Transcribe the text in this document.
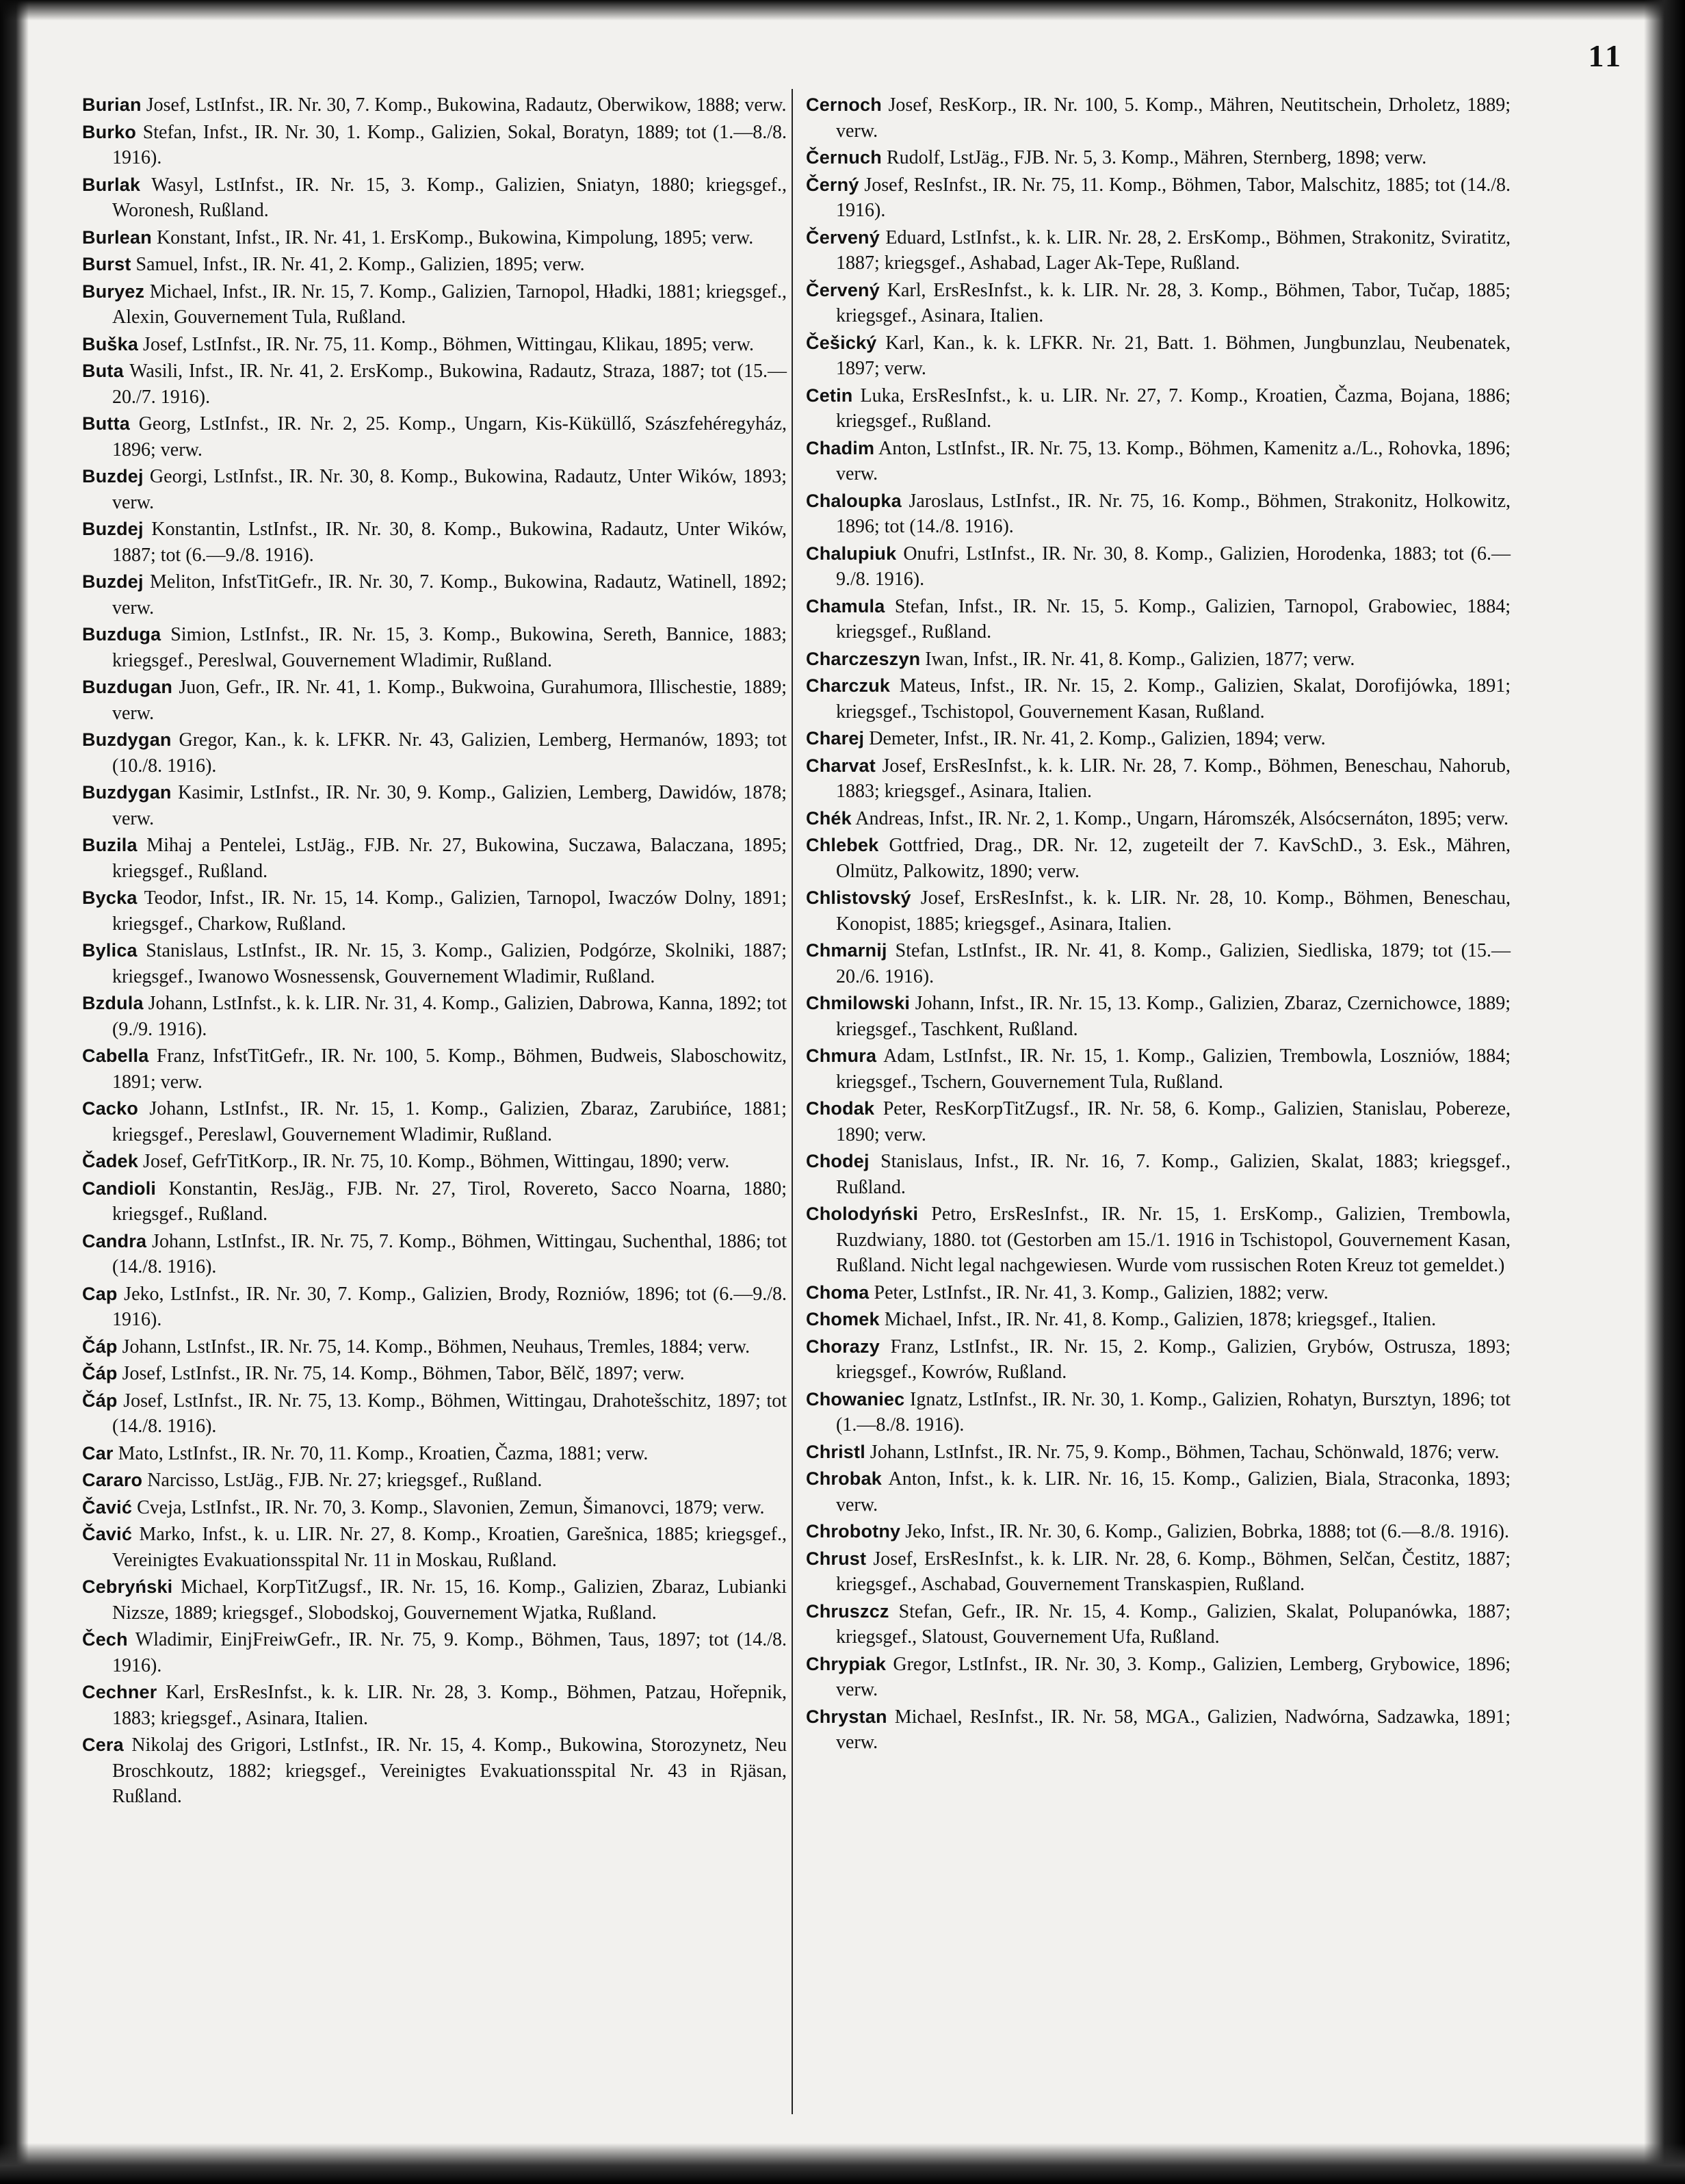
11

Burian Josef, LstInfst., IR. Nr. 30, 7. Komp., Bukowina, Radautz, Oberwikow, 1888; verw.

Burko Stefan, Infst., IR. Nr. 30, 1. Komp., Galizien, Sokal, Boratyn, 1889; tot (1.—8./8. 1916).

Burlak Wasyl, LstInfst., IR. Nr. 15, 3. Komp., Galizien, Sniatyn, 1880; kriegsgef., Woronesh, Rußland.

Burlean Konstant, Infst., IR. Nr. 41, 1. ErsKomp., Bukowina, Kimpolung, 1895; verw.

Burst Samuel, Infst., IR. Nr. 41, 2. Komp., Galizien, 1895; verw.

Buryez Michael, Infst., IR. Nr. 15, 7. Komp., Galizien, Tarnopol, Hładki, 1881; kriegsgef., Alexin, Gouvernement Tula, Rußland.

Buška Josef, LstInfst., IR. Nr. 75, 11. Komp., Böhmen, Wittingau, Klikau, 1895; verw.

Buta Wasili, Infst., IR. Nr. 41, 2. ErsKomp., Bukowina, Radautz, Straza, 1887; tot (15.—20./7. 1916).

Butta Georg, LstInfst., IR. Nr. 2, 25. Komp., Ungarn, Kis-Küküllő, Szászfehéregyház, 1896; verw.

Buzdej Georgi, LstInfst., IR. Nr. 30, 8. Komp., Bukowina, Radautz, Unter Wików, 1893; verw.

Buzdej Konstantin, LstInfst., IR. Nr. 30, 8. Komp., Bukowina, Radautz, Unter Wików, 1887; tot (6.—9./8. 1916).

Buzdej Meliton, InfstTitGefr., IR. Nr. 30, 7. Komp., Bukowina, Radautz, Watinell, 1892; verw.

Buzduga Simion, LstInfst., IR. Nr. 15, 3. Komp., Bukowina, Sereth, Bannice, 1883; kriegsgef., Pereslwal, Gouvernement Wladimir, Rußland.

Buzdugan Juon, Gefr., IR. Nr. 41, 1. Komp., Bukwoina, Gurahumora, Illischestie, 1889; verw.

Buzdygan Gregor, Kan., k. k. LFKR. Nr. 43, Galizien, Lemberg, Hermanów, 1893; tot (10./8. 1916).

Buzdygan Kasimir, LstInfst., IR. Nr. 30, 9. Komp., Galizien, Lemberg, Dawidów, 1878; verw.

Buzila Mihaj a Pentelei, LstJäg., FJB. Nr. 27, Bukowina, Suczawa, Balaczana, 1895; kriegsgef., Rußland.

Bycka Teodor, Infst., IR. Nr. 15, 14. Komp., Galizien, Tarnopol, Iwaczów Dolny, 1891; kriegsgef., Charkow, Rußland.

Bylica Stanislaus, LstInfst., IR. Nr. 15, 3. Komp., Galizien, Podgórze, Skolniki, 1887; kriegsgef., Iwanowo Wosnessensk, Gouvernement Wladimir, Rußland.

Bzdula Johann, LstInfst., k. k. LIR. Nr. 31, 4. Komp., Galizien, Dabrowa, Kanna, 1892; tot (9./9. 1916).

Cabella Franz, InfstTitGefr., IR. Nr. 100, 5. Komp., Böhmen, Budweis, Slaboschowitz, 1891; verw.

Cacko Johann, LstInfst., IR. Nr. 15, 1. Komp., Galizien, Zbaraz, Zarubińce, 1881; kriegsgef., Pereslawl, Gouvernement Wladimir, Rußland.

Čadek Josef, GefrTitKorp., IR. Nr. 75, 10. Komp., Böhmen, Wittingau, 1890; verw.

Candioli Konstantin, ResJäg., FJB. Nr. 27, Tirol, Rovereto, Sacco Noarna, 1880; kriegsgef., Rußland.

Candra Johann, LstInfst., IR. Nr. 75, 7. Komp., Böhmen, Wittingau, Suchenthal, 1886; tot (14./8. 1916).

Cap Jeko, LstInfst., IR. Nr. 30, 7. Komp., Galizien, Brody, Rozniów, 1896; tot (6.—9./8. 1916).

Čáp Johann, LstInfst., IR. Nr. 75, 14. Komp., Böhmen, Neuhaus, Tremles, 1884; verw.

Čáp Josef, LstInfst., IR. Nr. 75, 14. Komp., Böhmen, Tabor, Bělč, 1897; verw.

Čáp Josef, LstInfst., IR. Nr. 75, 13. Komp., Böhmen, Wittingau, Drahotešschitz, 1897; tot (14./8. 1916).

Car Mato, LstInfst., IR. Nr. 70, 11. Komp., Kroatien, Čazma, 1881; verw.

Cararo Narcisso, LstJäg., FJB. Nr. 27; kriegsgef., Rußland.

Čavić Cveja, LstInfst., IR. Nr. 70, 3. Komp., Slavonien, Zemun, Šimanovci, 1879; verw.

Čavić Marko, Infst., k. u. LIR. Nr. 27, 8. Komp., Kroatien, Garešnica, 1885; kriegsgef., Vereinigtes Evakuationsspital Nr. 11 in Moskau, Rußland.

Cebryński Michael, KorpTitZugsf., IR. Nr. 15, 16. Komp., Galizien, Zbaraz, Lubianki Nizsze, 1889; kriegsgef., Slobodskoj, Gouvernement Wjatka, Rußland.

Čech Wladimir, EinjFreiwGefr., IR. Nr. 75, 9. Komp., Böhmen, Taus, 1897; tot (14./8. 1916).

Cechner Karl, ErsResInfst., k. k. LIR. Nr. 28, 3. Komp., Böhmen, Patzau, Hořepnik, 1883; kriegsgef., Asinara, Italien.

Cera Nikolaj des Grigori, LstInfst., IR. Nr. 15, 4. Komp., Bukowina, Storozynetz, Neu Broschkoutz, 1882; kriegsgef., Vereinigtes Evakuationsspital Nr. 43 in Rjäsan, Rußland.

Cernoch Josef, ResKorp., IR. Nr. 100, 5. Komp., Mähren, Neutitschein, Drholetz, 1889; verw.

Černuch Rudolf, LstJäg., FJB. Nr. 5, 3. Komp., Mähren, Sternberg, 1898; verw.

Černý Josef, ResInfst., IR. Nr. 75, 11. Komp., Böhmen, Tabor, Malschitz, 1885; tot (14./8. 1916).

Červený Eduard, LstInfst., k. k. LIR. Nr. 28, 2. ErsKomp., Böhmen, Strakonitz, Sviratitz, 1887; kriegsgef., Ashabad, Lager Ak-Tepe, Rußland.

Červený Karl, ErsResInfst., k. k. LIR. Nr. 28, 3. Komp., Böhmen, Tabor, Tučap, 1885; kriegsgef., Asinara, Italien.

Češický Karl, Kan., k. k. LFKR. Nr. 21, Batt. 1. Böhmen, Jungbunzlau, Neubenatek, 1897; verw.

Cetin Luka, ErsResInfst., k. u. LIR. Nr. 27, 7. Komp., Kroatien, Čazma, Bojana, 1886; kriegsgef., Rußland.

Chadim Anton, LstInfst., IR. Nr. 75, 13. Komp., Böhmen, Kamenitz a./L., Rohovka, 1896; verw.

Chaloupka Jaroslaus, LstInfst., IR. Nr. 75, 16. Komp., Böhmen, Strakonitz, Holkowitz, 1896; tot (14./8. 1916).

Chalupiuk Onufri, LstInfst., IR. Nr. 30, 8. Komp., Galizien, Horodenka, 1883; tot (6.—9./8. 1916).

Chamula Stefan, Infst., IR. Nr. 15, 5. Komp., Galizien, Tarnopol, Grabowiec, 1884; kriegsgef., Rußland.

Charczeszyn Iwan, Infst., IR. Nr. 41, 8. Komp., Galizien, 1877; verw.

Charczuk Mateus, Infst., IR. Nr. 15, 2. Komp., Galizien, Skalat, Dorofijówka, 1891; kriegsgef., Tschistopol, Gouvernement Kasan, Rußland.

Charej Demeter, Infst., IR. Nr. 41, 2. Komp., Galizien, 1894; verw.

Charvat Josef, ErsResInfst., k. k. LIR. Nr. 28, 7. Komp., Böhmen, Beneschau, Nahorub, 1883; kriegsgef., Asinara, Italien.

Chék Andreas, Infst., IR. Nr. 2, 1. Komp., Ungarn, Háromszék, Alsócsernáton, 1895; verw.

Chlebek Gottfried, Drag., DR. Nr. 12, zugeteilt der 7. KavSchD., 3. Esk., Mähren, Olmütz, Palkowitz, 1890; verw.

Chlistovský Josef, ErsResInfst., k. k. LIR. Nr. 28, 10. Komp., Böhmen, Beneschau, Konopist, 1885; kriegsgef., Asinara, Italien.

Chmarnij Stefan, LstInfst., IR. Nr. 41, 8. Komp., Galizien, Siedliska, 1879; tot (15.—20./6. 1916).

Chmilowski Johann, Infst., IR. Nr. 15, 13. Komp., Galizien, Zbaraz, Czernichowce, 1889; kriegsgef., Taschkent, Rußland.

Chmura Adam, LstInfst., IR. Nr. 15, 1. Komp., Galizien, Trembowla, Loszniów, 1884; kriegsgef., Tschern, Gouvernement Tula, Rußland.

Chodak Peter, ResKorpTitZugsf., IR. Nr. 58, 6. Komp., Galizien, Stanislau, Pobereze, 1890; verw.

Chodej Stanislaus, Infst., IR. Nr. 16, 7. Komp., Galizien, Skalat, 1883; kriegsgef., Rußland.

Cholodyński Petro, ErsResInfst., IR. Nr. 15, 1. ErsKomp., Galizien, Trembowla, Ruzdwiany, 1880. tot (Gestorben am 15./1. 1916 in Tschistopol, Gouvernement Kasan, Rußland. Nicht legal nachgewiesen. Wurde vom russischen Roten Kreuz tot gemeldet.)

Choma Peter, LstInfst., IR. Nr. 41, 3. Komp., Galizien, 1882; verw.

Chomek Michael, Infst., IR. Nr. 41, 8. Komp., Galizien, 1878; kriegsgef., Italien.

Chorazy Franz, LstInfst., IR. Nr. 15, 2. Komp., Galizien, Grybów, Ostrusza, 1893; kriegsgef., Kowrów, Rußland.

Chowaniec Ignatz, LstInfst., IR. Nr. 30, 1. Komp., Galizien, Rohatyn, Bursztyn, 1896; tot (1.—8./8. 1916).

Christl Johann, LstInfst., IR. Nr. 75, 9. Komp., Böhmen, Tachau, Schönwald, 1876; verw.

Chrobak Anton, Infst., k. k. LIR. Nr. 16, 15. Komp., Galizien, Biala, Straconka, 1893; verw.

Chrobotny Jeko, Infst., IR. Nr. 30, 6. Komp., Galizien, Bobrka, 1888; tot (6.—8./8. 1916).

Chrust Josef, ErsResInfst., k. k. LIR. Nr. 28, 6. Komp., Böhmen, Selčan, Čestitz, 1887; kriegsgef., Aschabad, Gouvernement Transkaspien, Rußland.

Chruszcz Stefan, Gefr., IR. Nr. 15, 4. Komp., Galizien, Skalat, Polupanówka, 1887; kriegsgef., Slatoust, Gouvernement Ufa, Rußland.

Chrypiak Gregor, LstInfst., IR. Nr. 30, 3. Komp., Galizien, Lemberg, Grybowice, 1896; verw.

Chrystan Michael, ResInfst., IR. Nr. 58, MGA., Galizien, Nadwórna, Sadzawka, 1891; verw.
